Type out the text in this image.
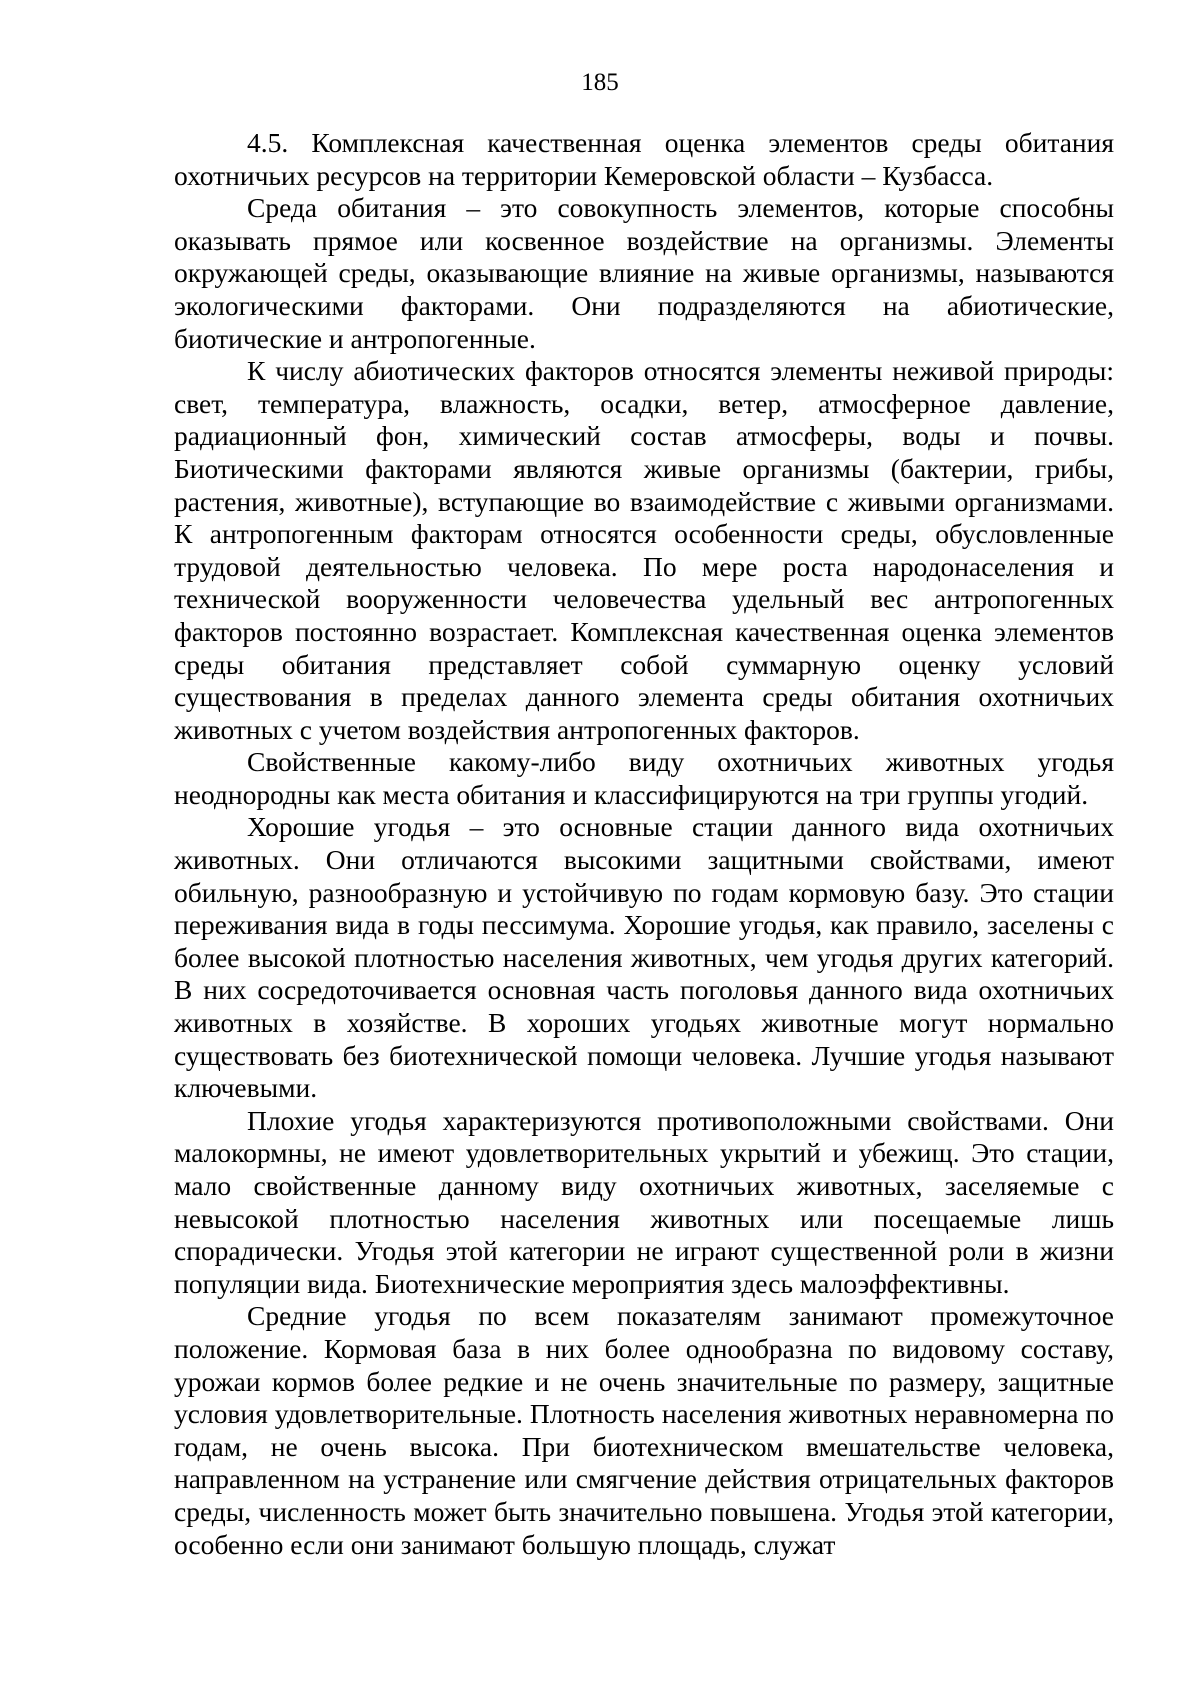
185

4.5. Комплексная качественная оценка элементов среды обитания охотничьих ресурсов на территории Кемеровской области – Кузбасса.

Среда обитания – это совокупность элементов, которые способны оказывать прямое или косвенное воздействие на организмы. Элементы окружающей среды, оказывающие влияние на живые организмы, называются экологическими факторами. Они подразделяются на абиотические, биотические и антропогенные.

К числу абиотических факторов относятся элементы неживой природы: свет, температура, влажность, осадки, ветер, атмосферное давление, радиационный фон, химический состав атмосферы, воды и почвы. Биотическими факторами являются живые организмы (бактерии, грибы, растения, животные), вступающие во взаимодействие с живыми организмами. К антропогенным факторам относятся особенности среды, обусловленные трудовой деятельностью человека. По мере роста народонаселения и технической вооруженности человечества удельный вес антропогенных факторов постоянно возрастает. Комплексная качественная оценка элементов среды обитания представляет собой суммарную оценку условий существования в пределах данного элемента среды обитания охотничьих животных с учетом воздействия антропогенных факторов.

Свойственные какому-либо виду охотничьих животных угодья неоднородны как места обитания и классифицируются на три группы угодий.

Хорошие угодья – это основные стации данного вида охотничьих животных. Они отличаются высокими защитными свойствами, имеют обильную, разнообразную и устойчивую по годам кормовую базу. Это стации переживания вида в годы пессимума. Хорошие угодья, как правило, заселены с более высокой плотностью населения животных, чем угодья других категорий. В них сосредоточивается основная часть поголовья данного вида охотничьих животных в хозяйстве. В хороших угодьях животные могут нормально существовать без биотехнической помощи человека. Лучшие угодья называют ключевыми.

Плохие угодья характеризуются противоположными свойствами. Они малокормны, не имеют удовлетворительных укрытий и убежищ. Это стации, мало свойственные данному виду охотничьих животных, заселяемые с невысокой плотностью населения животных или посещаемые лишь спорадически. Угодья этой категории не играют существенной роли в жизни популяции вида. Биотехнические мероприятия здесь малоэффективны.

Средние угодья по всем показателям занимают промежуточное положение. Кормовая база в них более однообразна по видовому составу, урожаи кормов более редкие и не очень значительные по размеру, защитные условия удовлетворительные. Плотность населения животных неравномерна по годам, не очень высока. При биотехническом вмешательстве человека, направленном на устранение или смягчение действия отрицательных факторов среды, численность может быть значительно повышена. Угодья этой категории, особенно если они занимают большую площадь, служат
